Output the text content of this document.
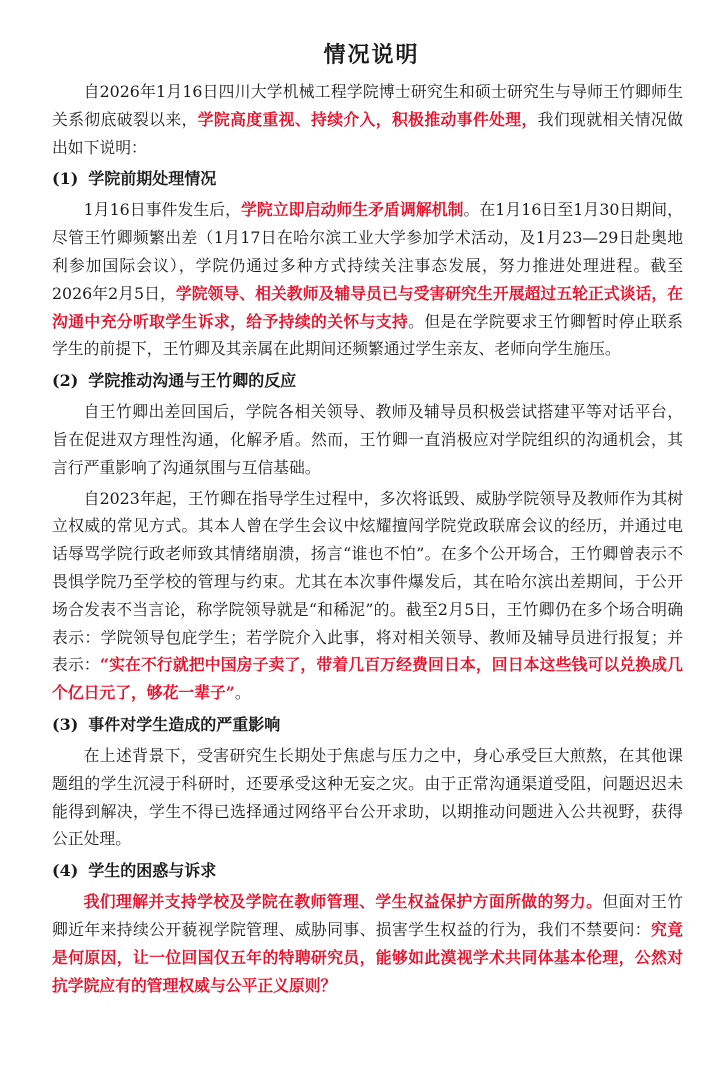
情况说明

自2026年1月16日四川大学机械工程学院博士研究生和硕士研究生与导师王竹卿师生关系彻底破裂以来，学院高度重视、持续介入，积极推动事件处理，我们现就相关情况做出如下说明：

(1) 学院前期处理情况

1月16日事件发生后，学院立即启动师生矛盾调解机制。在1月16日至1月30日期间，尽管王竹卿频繁出差（1月17日在哈尔滨工业大学参加学术活动，及1月23—29日赴奥地利参加国际会议），学院仍通过多种方式持续关注事态发展，努力推进处理进程。截至2026年2月5日，学院领导、相关教师及辅导员已与受害研究生开展超过五轮正式谈话，在沟通中充分听取学生诉求，给予持续的关怀与支持。但是在学院要求王竹卿暂时停止联系学生的前提下，王竹卿及其亲属在此期间还频繁通过学生亲友、老师向学生施压。

(2) 学院推动沟通与王竹卿的反应

自王竹卿出差回国后，学院各相关领导、教师及辅导员积极尝试搭建平等对话平台，旨在促进双方理性沟通，化解矛盾。然而，王竹卿一直消极应对学院组织的沟通机会，其言行严重影响了沟通氛围与互信基础。

自2023年起，王竹卿在指导学生过程中，多次将诋毁、威胁学院领导及教师作为其树立权威的常见方式。其本人曾在学生会议中炫耀擅闯学院党政联席会议的经历，并通过电话辱骂学院行政老师致其情绪崩溃，扬言“谁也不怕”。在多个公开场合，王竹卿曾表示不畏惧学院乃至学校的管理与约束。尤其在本次事件爆发后，其在哈尔滨出差期间，于公开场合发表不当言论，称学院领导就是“和稀泥”的。截至2月5日，王竹卿仍在多个场合明确表示：学院领导包庇学生；若学院介入此事，将对相关领导、教师及辅导员进行报复；并表示：“实在不行就把中国房子卖了，带着几百万经费回日本，回日本这些钱可以兑换成几个亿日元了，够花一辈子”。

(3) 事件对学生造成的严重影响

在上述背景下，受害研究生长期处于焦虑与压力之中，身心承受巨大煎熬，在其他课题组的学生沉浸于科研时，还要承受这种无妄之灾。由于正常沟通渠道受阻，问题迟迟未能得到解决，学生不得已选择通过网络平台公开求助，以期推动问题进入公共视野，获得公正处理。

(4) 学生的困惑与诉求

我们理解并支持学校及学院在教师管理、学生权益保护方面所做的努力。但面对王竹卿近年来持续公开藐视学院管理、威胁同事、损害学生权益的行为，我们不禁要问：究竟是何原因，让一位回国仅五年的特聘研究员，能够如此漠视学术共同体基本伦理，公然对抗学院应有的管理权威与公平正义原则？
